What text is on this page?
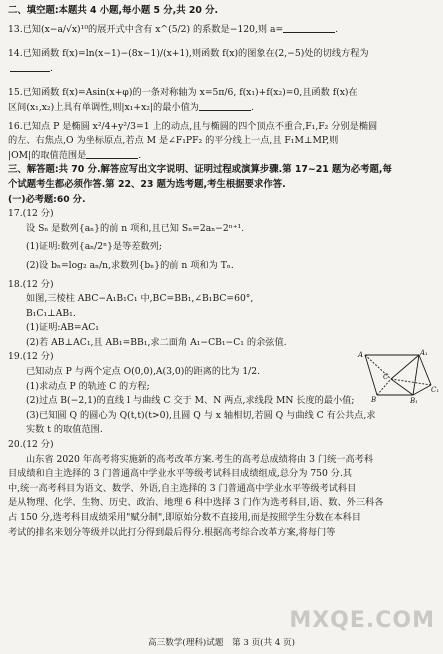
二、填空题:本题共 4 小题,每小题 5 分,共 20 分.

13.已知(x−a/√x)¹⁰的展开式中含有 x^(5/2) 的系数是−120,则 a=	.

14.已知函数 f(x)=ln(x−1)−(8x−1)/(x+1),则函数 f(x)的图象在(2,−5)处的切线方程为

.

15.已知函数 f(x)=Asin(x+φ)的一条对称轴为 x=5π/6, f(x₁)+f(x₂)=0,且函数 f(x)在

区间(x₁,x₂)上具有单调性,则|x₁+x₂|的最小值为	.

16.已知点 P 是椭圆 x²/4+y²/3=1 上的动点,且与椭圆的四个顶点不重合,F₁,F₂ 分别是椭圆

的左、右焦点,O 为坐标原点,若点 M 是∠F₁PF₂ 的平分线上一点,且 F₁M⊥MP,则

|OM|的取值范围是	.

三、解答题:共 70 分.解答应写出文字说明、证明过程或演算步骤.第 17~21 题为必考题,每
个试题考生都必须作答.第 22、23 题为选考题,考生根据要求作答.
(一)必考题:60 分.

17.(12 分)

设 Sₙ 是数列{aₙ}的前 n 项和,且已知 Sₙ=2aₙ−2ⁿ⁺¹.

(1)证明:数列{aₙ/2ⁿ}是等差数列;

(2)设 bₙ=log₂ aₙ/n,求数列{bₙ}的前 n 项和为 Tₙ.

18.(12 分)

如图,三棱柱 ABC−A₁B₁C₁ 中,BC=BB₁,∠B₁BC=60°,

B₁C₁⊥AB₁.

(1)证明:AB=AC₁

(2)若 AB⊥AC₁,且 AB₁=BB₁,求二面角 A₁−CB₁−C₁ 的余弦值.

19.(12 分)

已知动点 P 与两个定点 O(0,0),A(3,0)的距离的比为 1/2.

(1)求动点 P 的轨迹 C 的方程;

(2)过点 B(−2,1)的直线 l 与曲线 C 交于 M、N 两点,求线段 MN 长度的最小值;

(3)已知圆 Q 的圆心为 Q(t,t)(t>0),且圆 Q 与 x 轴相切,若圆 Q 与曲线 C 有公共点,求

实数 t 的取值范围.

20.(12 分)

山东省 2020 年高考将实施新的高考改革方案.考生的高考总成绩将由 3 门统一高考科

目成绩和自主选择的 3 门普通高中学业水平等级考试科目成绩组成,总分为 750 分.其

中,统一高考科目为语文、数学、外语,自主选择的 3 门普通高中学业水平等级考试科目

是从物理、化学、生物、历史、政治、地理 6 科中选择 3 门作为选考科目,语、数、外三科各

占 150 分,选考科目成绩采用"赋分制",即原始分数不直接用,而是按照学生分数在本科目

考试的排名来划分等级并以此打分得到最后得分.根据高考综合改革方案,将每门等

A	A₁
C
C₁
B	B₁
MXQE.COM
高三数学(理科)试题　第 3 页(共 4 页)
